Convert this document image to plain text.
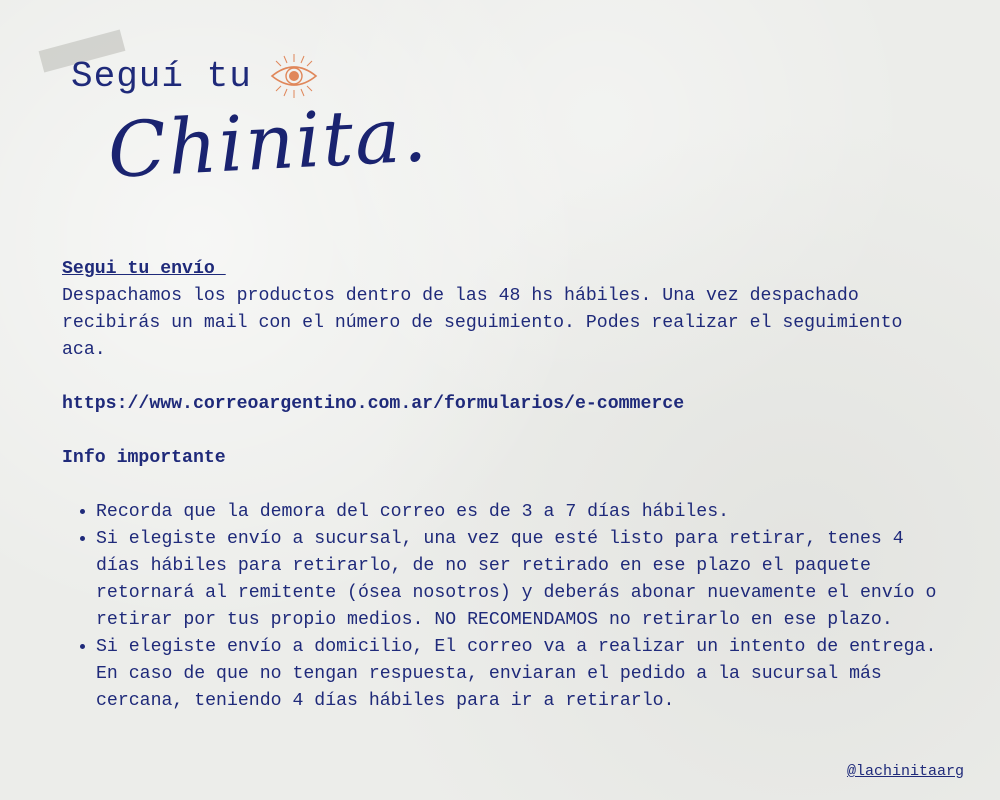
Seguí tu
Chinita.

Segui tu envío

Despachamos los productos dentro de las 48 hs hábiles. Una vez despachado recibirás un mail con el número de seguimiento. Podes realizar el seguimiento aca.

https://www.correoargentino.com.ar/formularios/e-commerce

Info importante

• Recorda que la demora del correo es de 3 a 7 días hábiles.
• Si elegiste envío a sucursal, una vez que esté listo para retirar, tenes 4 días hábiles para retirarlo, de no ser retirado en ese plazo el paquete retornará al remitente (ósea nosotros) y deberás abonar nuevamente el envío o retirar por tus propio medios. NO RECOMENDAMOS no retirarlo en ese plazo.
• Si elegiste envío a domicilio, El correo va a realizar un intento de entrega. En caso de que no tengan respuesta, enviaran el pedido a la sucursal más cercana, teniendo 4 días hábiles para ir a retirarlo.
@lachinitaarg
